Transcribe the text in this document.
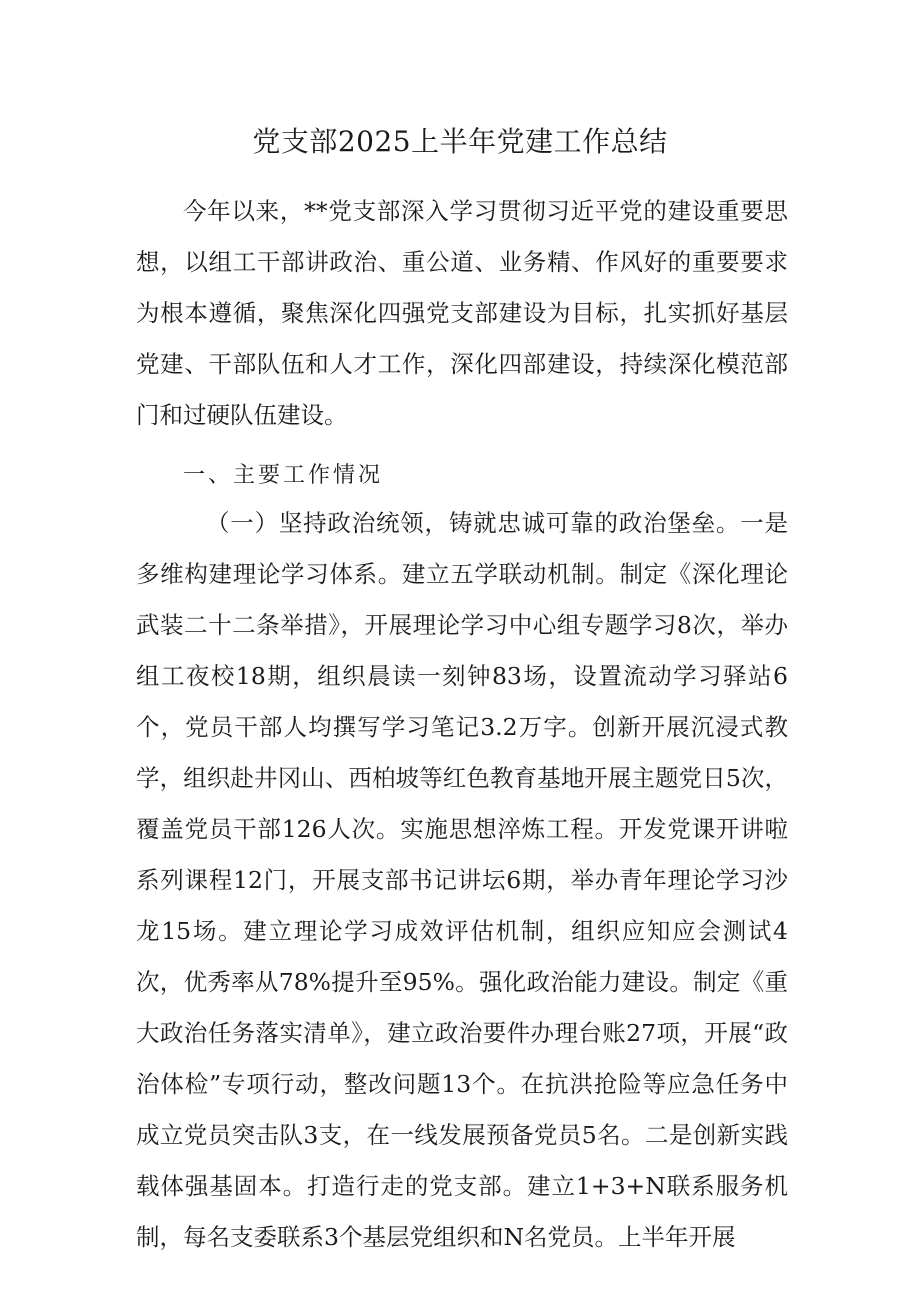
党支部2025上半年党建工作总结

今年以来，**党支部深入学习贯彻习近平党的建设重要思想，以组工干部讲政治、重公道、业务精、作风好的重要要求为根本遵循，聚焦深化四强党支部建设为目标，扎实抓好基层党建、干部队伍和人才工作，深化四部建设，持续深化模范部门和过硬队伍建设。

一、主要工作情况

（一）坚持政治统领，铸就忠诚可靠的政治堡垒。一是多维构建理论学习体系。建立五学联动机制。制定《深化理论武装二十二条举措》，开展理论学习中心组专题学习8次，举办组工夜校18期，组织晨读一刻钟83场，设置流动学习驿站6个，党员干部人均撰写学习笔记3.2万字。创新开展沉浸式教学，组织赴井冈山、西柏坡等红色教育基地开展主题党日5次，覆盖党员干部126人次。实施思想淬炼工程。开发党课开讲啦系列课程12门，开展支部书记讲坛6期，举办青年理论学习沙龙15场。建立理论学习成效评估机制，组织应知应会测试4次，优秀率从78%提升至95%。强化政治能力建设。制定《重大政治任务落实清单》，建立政治要件办理台账27项，开展“政治体检”专项行动，整改问题13个。在抗洪抢险等应急任务中成立党员突击队3支，在一线发展预备党员5名。二是创新实践载体强基固本。打造行走的党支部。建立1+3+N联系服务机制，每名支委联系3个基层党组织和N名党员。上半年开展
